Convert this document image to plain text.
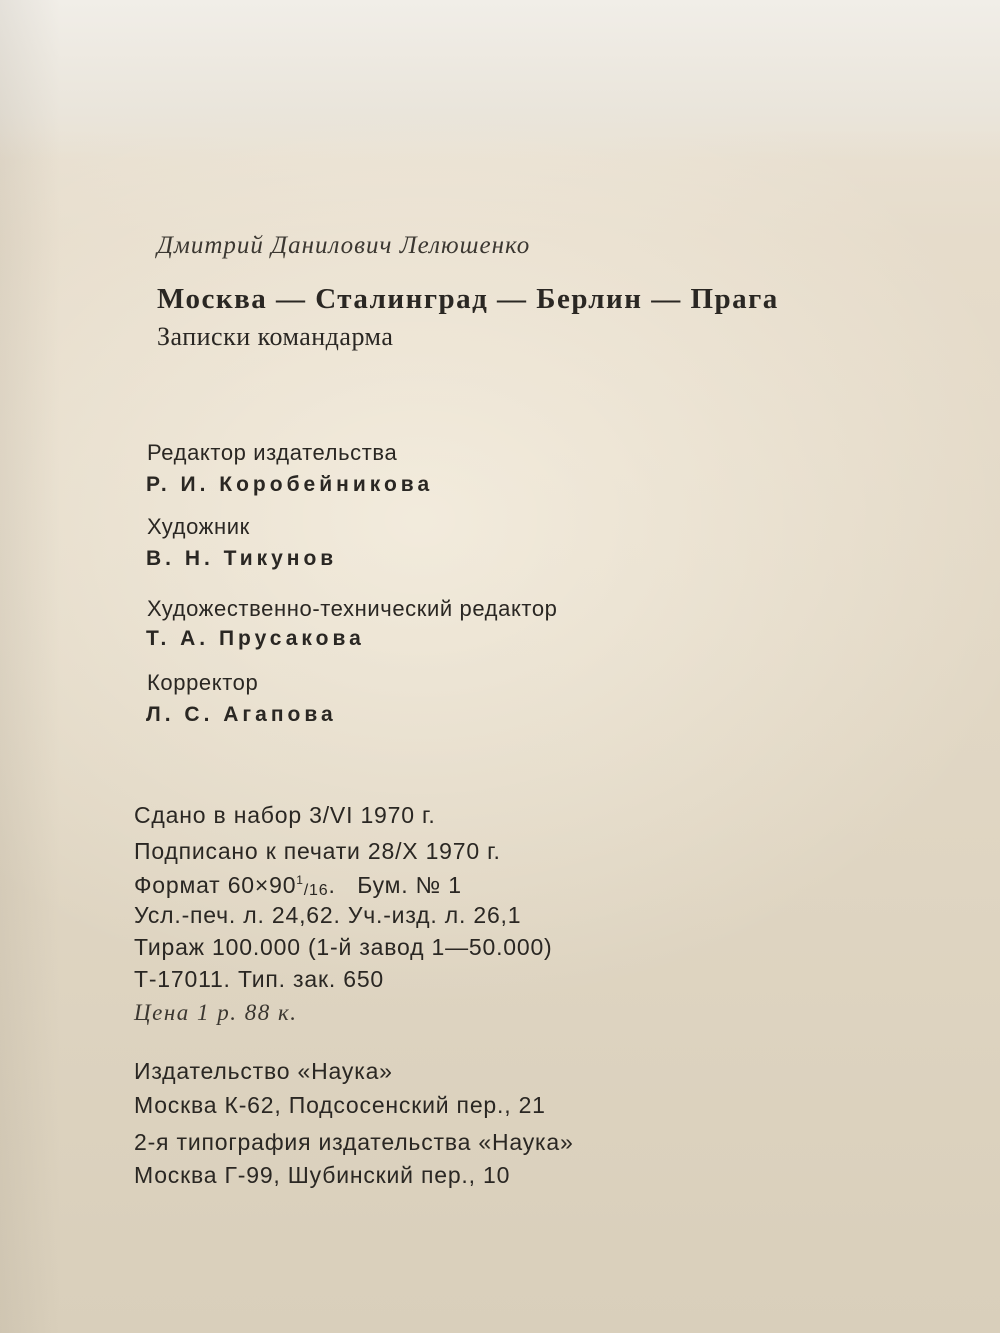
Дмитрий Данилович Лелюшенко
Москва — Сталинград — Берлин — Прага
Записки командарма
Редактор издательства
Р. И. Коробейникова
Художник
В. Н. Тикунов
Художественно-технический редактор
Т. А. Прусакова
Корректор
Л. С. Агапова
Сдано в набор 3/VI 1970 г.
Подписано к печати 28/X 1970 г.
Формат $60\times 90^1_{/16}$.   Бум. № 1
Усл.-печ. л. 24,62. Уч.-изд. л. 26,1
Тираж 100.000 (1-й завод 1—50.000)
Т-17011. Тип. зак. 650
Цена 1 р. 88 к.
Издательство «Наука»
Москва К-62, Подсосенский пер., 21
2-я типография издательства «Наука»
Москва Г-99, Шубинский пер., 10
